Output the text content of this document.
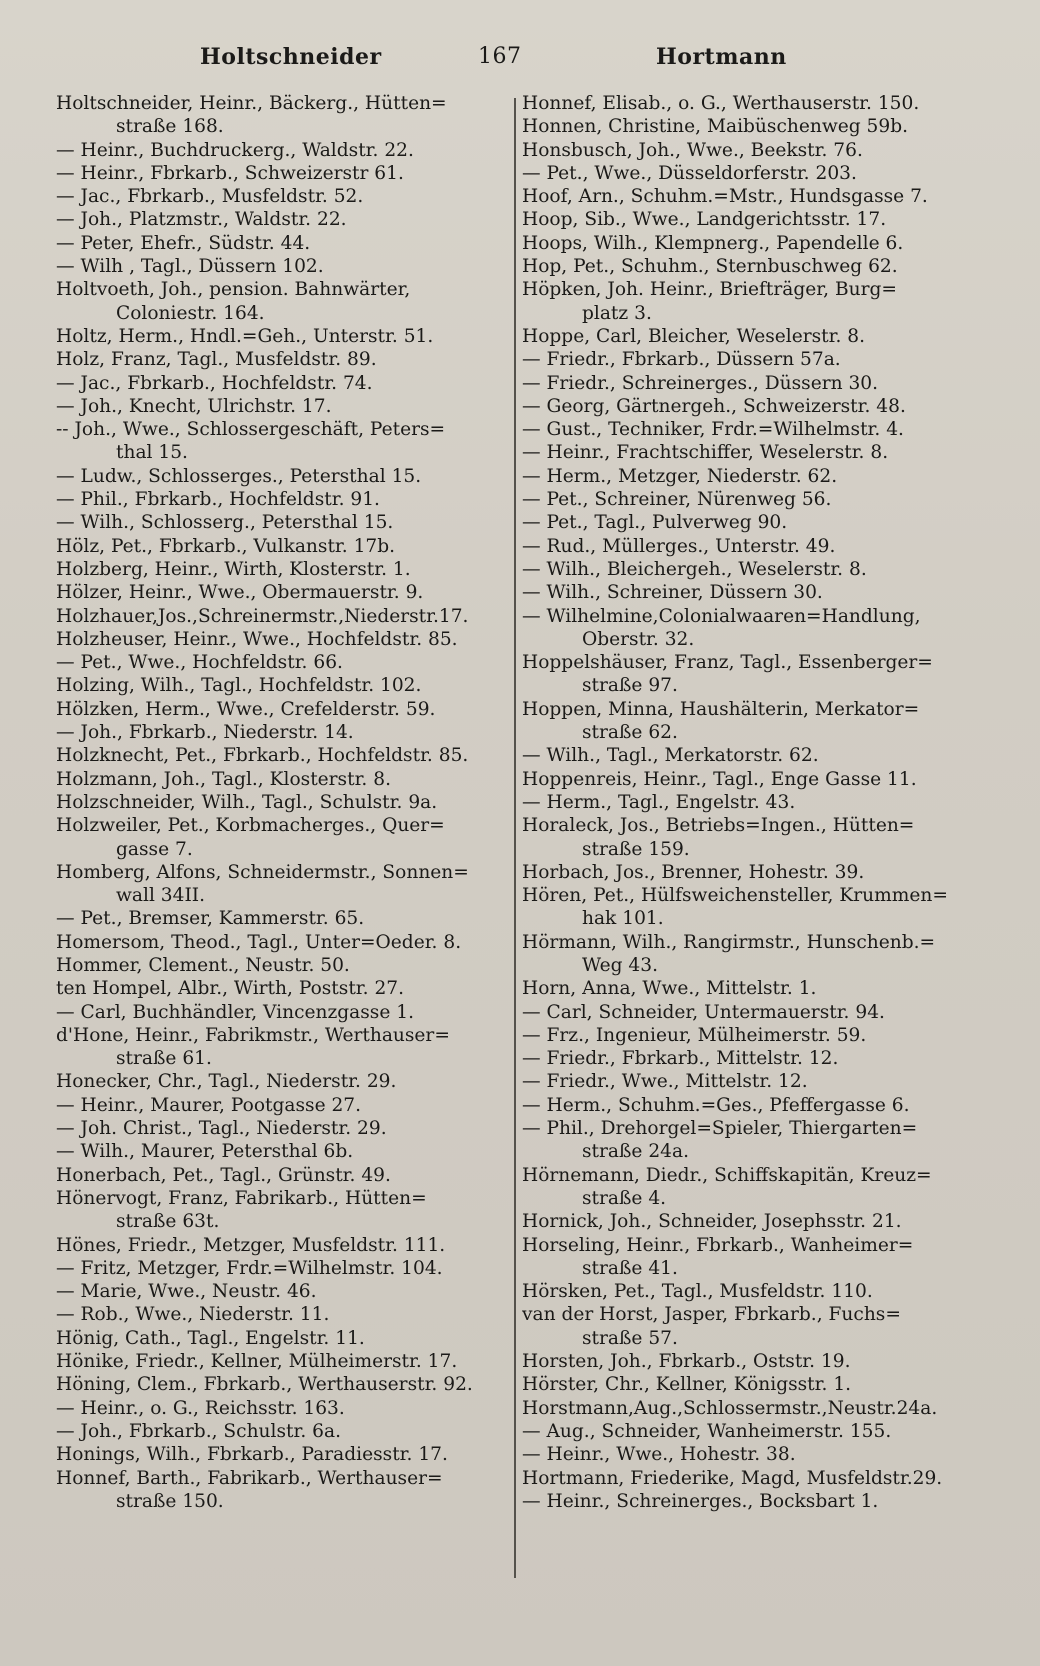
Holtschneider	167	Hortmann
Holtschneider, Heinr., Bäckerg., Hütten=
straße 168.
— Heinr., Buchdruckerg., Waldstr. 22.
— Heinr., Fbrkarb., Schweizerstr 61.
— Jac., Fbrkarb., Musfeldstr. 52.
— Joh., Platzmstr., Waldstr. 22.
— Peter, Ehefr., Südstr. 44.
— Wilh , Tagl., Düssern 102.
Holtvoeth, Joh., pension. Bahnwärter,
Coloniestr. 164.
Holtz, Herm., Hndl.=Geh., Unterstr. 51.
Holz, Franz, Tagl., Musfeldstr. 89.
— Jac., Fbrkarb., Hochfeldstr. 74.
— Joh., Knecht, Ulrichstr. 17.
-- Joh., Wwe., Schlossergeschäft, Peters=
thal 15.
— Ludw., Schlosserges., Petersthal 15.
— Phil., Fbrkarb., Hochfeldstr. 91.
— Wilh., Schlosserg., Petersthal 15.
Hölz, Pet., Fbrkarb., Vulkanstr. 17b.
Holzberg, Heinr., Wirth, Klosterstr. 1.
Hölzer, Heinr., Wwe., Obermauerstr. 9.
Holzhauer,Jos.,Schreinermstr.,Niederstr.17.
Holzheuser, Heinr., Wwe., Hochfeldstr. 85.
— Pet., Wwe., Hochfeldstr. 66.
Holzing, Wilh., Tagl., Hochfeldstr. 102.
Hölzken, Herm., Wwe., Crefelderstr. 59.
— Joh., Fbrkarb., Niederstr. 14.
Holzknecht, Pet., Fbrkarb., Hochfeldstr. 85.
Holzmann, Joh., Tagl., Klosterstr. 8.
Holzschneider, Wilh., Tagl., Schulstr. 9a.
Holzweiler, Pet., Korbmacherges., Quer=
gasse 7.
Homberg, Alfons, Schneidermstr., Sonnen=
wall 34II.
— Pet., Bremser, Kammerstr. 65.
Homersom, Theod., Tagl., Unter=Oeder. 8.
Hommer, Clement., Neustr. 50.
ten Hompel, Albr., Wirth, Poststr. 27.
— Carl, Buchhändler, Vincenzgasse 1.
d'Hone, Heinr., Fabrikmstr., Werthauser=
straße 61.
Honecker, Chr., Tagl., Niederstr. 29.
— Heinr., Maurer, Pootgasse 27.
— Joh. Christ., Tagl., Niederstr. 29.
— Wilh., Maurer, Petersthal 6b.
Honerbach, Pet., Tagl., Grünstr. 49.
Hönervogt, Franz, Fabrikarb., Hütten=
straße 63t.
Hönes, Friedr., Metzger, Musfeldstr. 111.
— Fritz, Metzger, Frdr.=Wilhelmstr. 104.
— Marie, Wwe., Neustr. 46.
— Rob., Wwe., Niederstr. 11.
Hönig, Cath., Tagl., Engelstr. 11.
Hönike, Friedr., Kellner, Mülheimerstr. 17.
Höning, Clem., Fbrkarb., Werthauserstr. 92.
— Heinr., o. G., Reichsstr. 163.
— Joh., Fbrkarb., Schulstr. 6a.
Honings, Wilh., Fbrkarb., Paradiesstr. 17.
Honnef, Barth., Fabrikarb., Werthauser=
straße 150.
Honnef, Elisab., o. G., Werthauserstr. 150.
Honnen, Christine, Maibüschenweg 59b.
Honsbusch, Joh., Wwe., Beekstr. 76.
— Pet., Wwe., Düsseldorferstr. 203.
Hoof, Arn., Schuhm.=Mstr., Hundsgasse 7.
Hoop, Sib., Wwe., Landgerichtsstr. 17.
Hoops, Wilh., Klempnerg., Papendelle 6.
Hop, Pet., Schuhm., Sternbuschweg 62.
Höpken, Joh. Heinr., Briefträger, Burg=
platz 3.
Hoppe, Carl, Bleicher, Weselerstr. 8.
— Friedr., Fbrkarb., Düssern 57a.
— Friedr., Schreinerges., Düssern 30.
— Georg, Gärtnergeh., Schweizerstr. 48.
— Gust., Techniker, Frdr.=Wilhelmstr. 4.
— Heinr., Frachtschiffer, Weselerstr. 8.
— Herm., Metzger, Niederstr. 62.
— Pet., Schreiner, Nürenweg 56.
— Pet., Tagl., Pulverweg 90.
— Rud., Müllerges., Unterstr. 49.
— Wilh., Bleichergeh., Weselerstr. 8.
— Wilh., Schreiner, Düssern 30.
— Wilhelmine,Colonialwaaren=Handlung,
Oberstr. 32.
Hoppelshäuser, Franz, Tagl., Essenberger=
straße 97.
Hoppen, Minna, Haushälterin, Merkator=
straße 62.
— Wilh., Tagl., Merkatorstr. 62.
Hoppenreis, Heinr., Tagl., Enge Gasse 11.
— Herm., Tagl., Engelstr. 43.
Horaleck, Jos., Betriebs=Ingen., Hütten=
straße 159.
Horbach, Jos., Brenner, Hohestr. 39.
Hören, Pet., Hülfsweichensteller, Krummen=
hak 101.
Hörmann, Wilh., Rangirmstr., Hunschenb.=
Weg 43.
Horn, Anna, Wwe., Mittelstr. 1.
— Carl, Schneider, Untermauerstr. 94.
— Frz., Ingenieur, Mülheimerstr. 59.
— Friedr., Fbrkarb., Mittelstr. 12.
— Friedr., Wwe., Mittelstr. 12.
— Herm., Schuhm.=Ges., Pfeffergasse 6.
— Phil., Drehorgel=Spieler, Thiergarten=
straße 24a.
Hörnemann, Diedr., Schiffskapitän, Kreuz=
straße 4.
Hornick, Joh., Schneider, Josephsstr. 21.
Horseling, Heinr., Fbrkarb., Wanheimer=
straße 41.
Hörsken, Pet., Tagl., Musfeldstr. 110.
van der Horst, Jasper, Fbrkarb., Fuchs=
straße 57.
Horsten, Joh., Fbrkarb., Oststr. 19.
Hörster, Chr., Kellner, Königsstr. 1.
Horstmann,Aug.,Schlossermstr.,Neustr.24a.
— Aug., Schneider, Wanheimerstr. 155.
— Heinr., Wwe., Hohestr. 38.
Hortmann, Friederike, Magd, Musfeldstr.29.
— Heinr., Schreinerges., Bocksbart 1.
